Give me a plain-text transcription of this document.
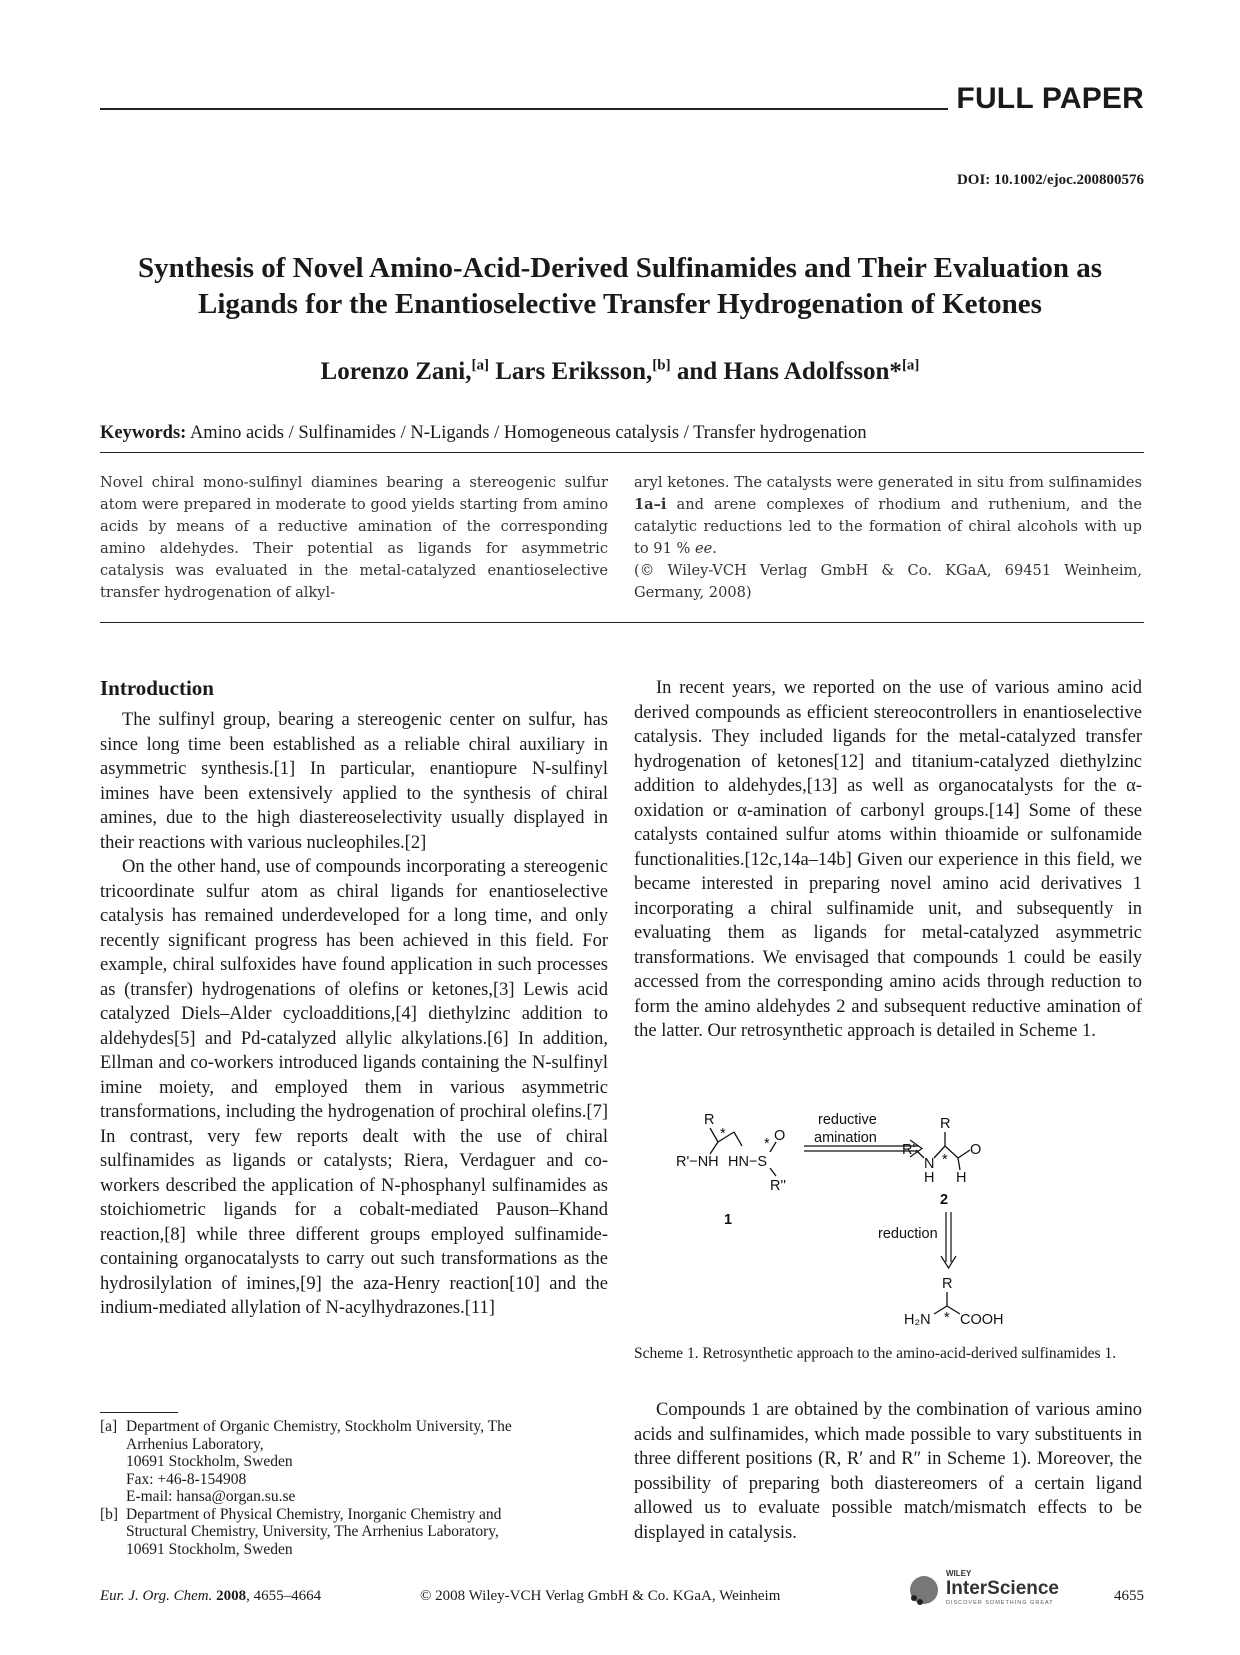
FULL PAPER
DOI: 10.1002/ejoc.200800576
Synthesis of Novel Amino-Acid-Derived Sulfinamides and Their Evaluation as
Ligands for the Enantioselective Transfer Hydrogenation of Ketones
Lorenzo Zani,[a] Lars Eriksson,[b] and Hans Adolfsson*[a]
Keywords: Amino acids / Sulfinamides / N-Ligands / Homogeneous catalysis / Transfer hydrogenation
Novel chiral mono-sulfinyl diamines bearing a stereogenic sulfur atom were prepared in moderate to good yields starting from amino acids by means of a reductive amination of the corresponding amino aldehydes. Their potential as ligands for asymmetric catalysis was evaluated in the metal-catalyzed enantioselective transfer hydrogenation of alkyl-
aryl ketones. The catalysts were generated in situ from sulfinamides 1a–i and arene complexes of rhodium and ruthenium, and the catalytic reductions led to the formation of chiral alcohols with up to 91 % ee.
(© Wiley-VCH Verlag GmbH & Co. KGaA, 69451 Weinheim, Germany, 2008)
Introduction

The sulfinyl group, bearing a stereogenic center on sulfur, has since long time been established as a reliable chiral auxiliary in asymmetric synthesis.[1] In particular, enantiopure N-sulfinyl imines have been extensively applied to the synthesis of chiral amines, due to the high diastereoselectivity usually displayed in their reactions with various nucleophiles.[2]

On the other hand, use of compounds incorporating a stereogenic tricoordinate sulfur atom as chiral ligands for enantioselective catalysis has remained underdeveloped for a long time, and only recently significant progress has been achieved in this field. For example, chiral sulfoxides have found application in such processes as (transfer) hydrogenations of olefins or ketones,[3] Lewis acid catalyzed Diels–Alder cycloadditions,[4] diethylzinc addition to aldehydes[5] and Pd-catalyzed allylic alkylations.[6] In addition, Ellman and co-workers introduced ligands containing the N-sulfinyl imine moiety, and employed them in various asymmetric transformations, including the hydrogenation of prochiral olefins.[7] In contrast, very few reports dealt with the use of chiral sulfinamides as ligands or catalysts; Riera, Verdaguer and co-workers described the application of N-phosphanyl sulfinamides as stoichiometric ligands for a cobalt-mediated Pauson–Khand reaction,[8] while three different groups employed sulfinamide-containing organocatalysts to carry out such transformations as the hydrosilylation of imines,[9] the aza-Henry reaction[10] and the indium-mediated allylation of N-acylhydrazones.[11]

In recent years, we reported on the use of various amino acid derived compounds as efficient stereocontrollers in enantioselective catalysis. They included ligands for the metal-catalyzed transfer hydrogenation of ketones[12] and titanium-catalyzed diethylzinc addition to aldehydes,[13] as well as organocatalysts for the α-oxidation or α-amination of carbonyl groups.[14] Some of these catalysts contained sulfur atoms within thioamide or sulfonamide functionalities.[12c,14a–14b] Given our experience in this field, we became interested in preparing novel amino acid derivatives 1 incorporating a chiral sulfinamide unit, and subsequently in evaluating them as ligands for metal-catalyzed asymmetric transformations. We envisaged that compounds 1 could be easily accessed from the corresponding amino acids through reduction to form the amino aldehydes 2 and subsequent reductive amination of the latter. Our retrosynthetic approach is detailed in Scheme 1.

R
*
R'−NH HN−S
* O
R''
1
reductive
amination
R
R'
N
H
*
O
H
2
reduction
R
H₂N * COOH
Scheme 1. Retrosynthetic approach to the amino-acid-derived sulfinamides 1.

Compounds 1 are obtained by the combination of various amino acids and sulfinamides, which made possible to vary substituents in three different positions (R, R′ and R″ in Scheme 1). Moreover, the possibility of preparing both diastereomers of a certain ligand allowed us to evaluate possible match/mismatch effects to be displayed in catalysis.

[a] Department of Organic Chemistry, Stockholm University, The
Arrhenius Laboratory,
10691 Stockholm, Sweden
Fax: +46-8-154908
E-mail: hansa@organ.su.se
[b] Department of Physical Chemistry, Inorganic Chemistry and
Structural Chemistry, University, The Arrhenius Laboratory,
10691 Stockholm, Sweden
Eur. J. Org. Chem. 2008, 4655–4664	© 2008 Wiley-VCH Verlag GmbH & Co. KGaA, Weinheim
WILEY
InterScience
DISCOVER SOMETHING GREAT	4655
